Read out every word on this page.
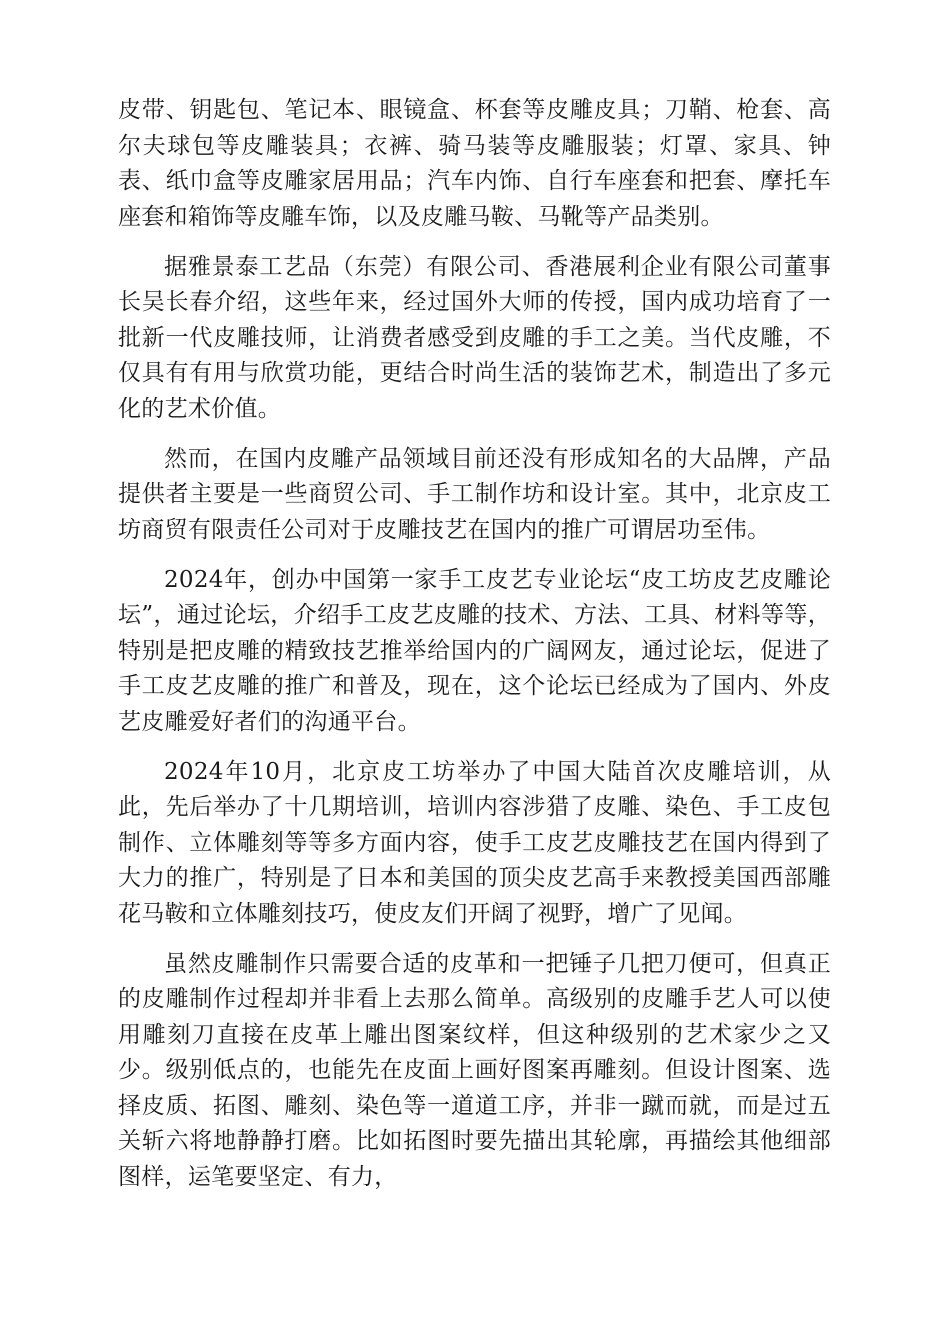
皮带、钥匙包、笔记本、眼镜盒、杯套等皮雕皮具；刀鞘、枪套、高尔夫球包等皮雕装具；衣裤、骑马装等皮雕服装；灯罩、家具、钟表、纸巾盒等皮雕家居用品；汽车内饰、自行车座套和把套、摩托车座套和箱饰等皮雕车饰，以及皮雕马鞍、马靴等产品类别。

据雅景泰工艺品（东莞）有限公司、香港展利企业有限公司董事长吴长春介绍，这些年来，经过国外大师的传授，国内成功培育了一批新一代皮雕技师，让消费者感受到皮雕的手工之美。当代皮雕，不仅具有有用与欣赏功能，更结合时尚生活的装饰艺术，制造出了多元化的艺术价值。

然而，在国内皮雕产品领域目前还没有形成知名的大品牌，产品提供者主要是一些商贸公司、手工制作坊和设计室。其中，北京皮工坊商贸有限责任公司对于皮雕技艺在国内的推广可谓居功至伟。

2024年，创办中国第一家手工皮艺专业论坛“皮工坊皮艺皮雕论坛”，通过论坛，介绍手工皮艺皮雕的技术、方法、工具、材料等等，特别是把皮雕的精致技艺推举给国内的广阔网友，通过论坛，促进了手工皮艺皮雕的推广和普及，现在，这个论坛已经成为了国内、外皮艺皮雕爱好者们的沟通平台。

2024年10月，北京皮工坊举办了中国大陆首次皮雕培训，从此，先后举办了十几期培训，培训内容涉猎了皮雕、染色、手工皮包制作、立体雕刻等等多方面内容，使手工皮艺皮雕技艺在国内得到了大力的推广，特别是了日本和美国的顶尖皮艺高手来教授美国西部雕花马鞍和立体雕刻技巧，使皮友们开阔了视野，增广了见闻。

虽然皮雕制作只需要合适的皮革和一把锤子几把刀便可，但真正的皮雕制作过程却并非看上去那么简单。高级别的皮雕手艺人可以使用雕刻刀直接在皮革上雕出图案纹样，但这种级别的艺术家少之又少。级别低点的，也能先在皮面上画好图案再雕刻。但设计图案、选择皮质、拓图、雕刻、染色等一道道工序，并非一蹴而就，而是过五关斩六将地静静打磨。比如拓图时要先描出其轮廓，再描绘其他细部图样，运笔要坚定、有力，
